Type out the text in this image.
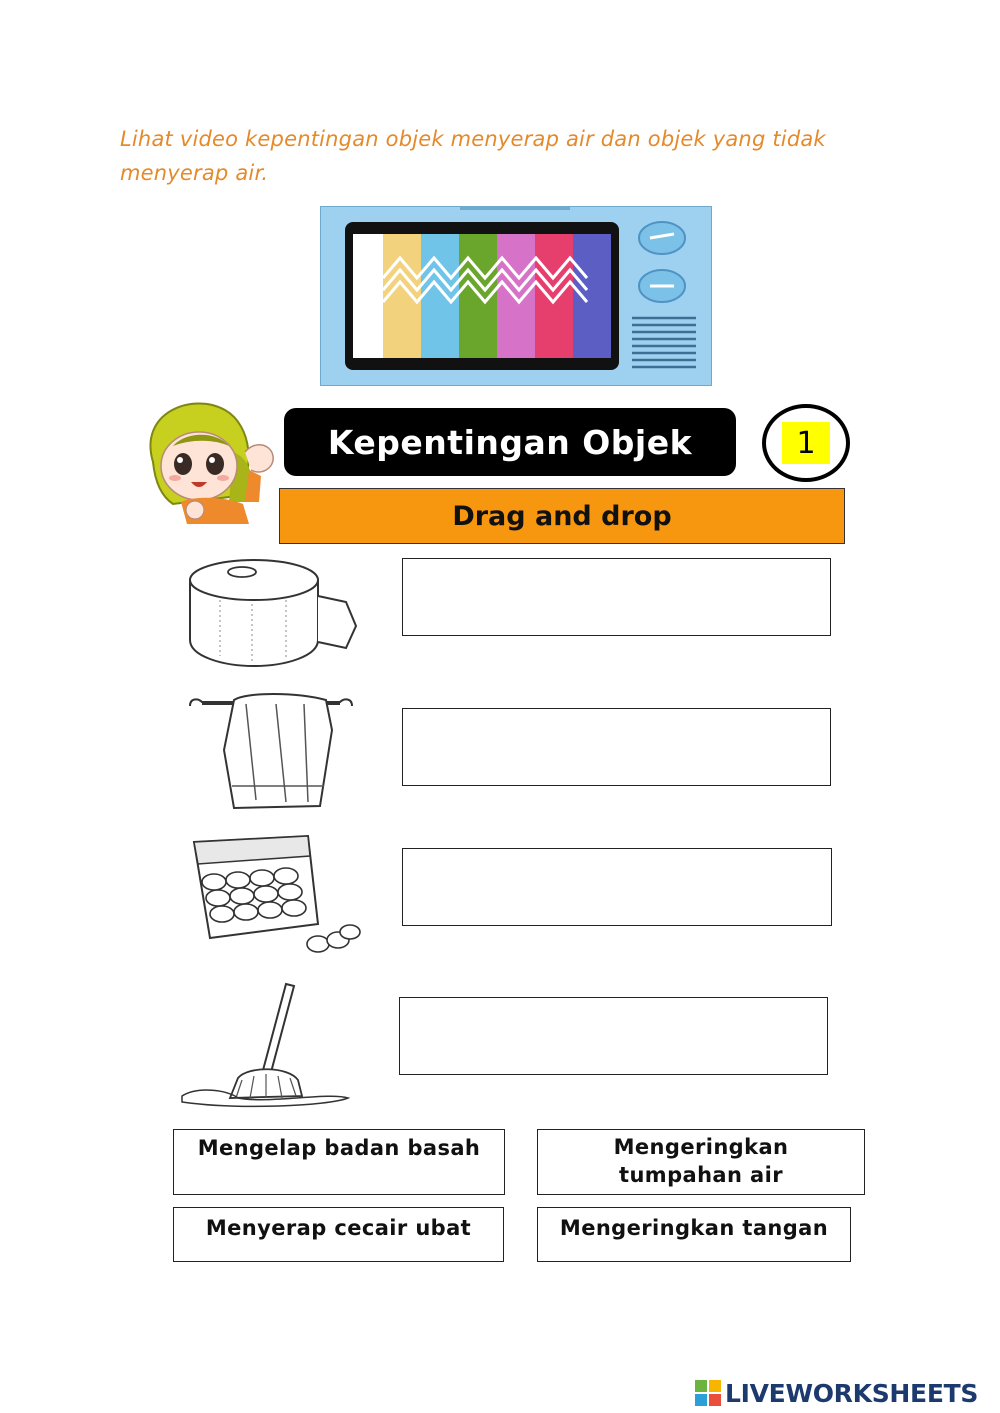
Lihat video kepentingan objek menyerap air dan objek yang tidak menyerap air.
Kepentingan Objek	1
Drag and drop
Mengelap badan basah	Mengeringkan tumpahan air
Menyerap cecair ubat	Mengeringkan tangan
LIVEWORKSHEETS
